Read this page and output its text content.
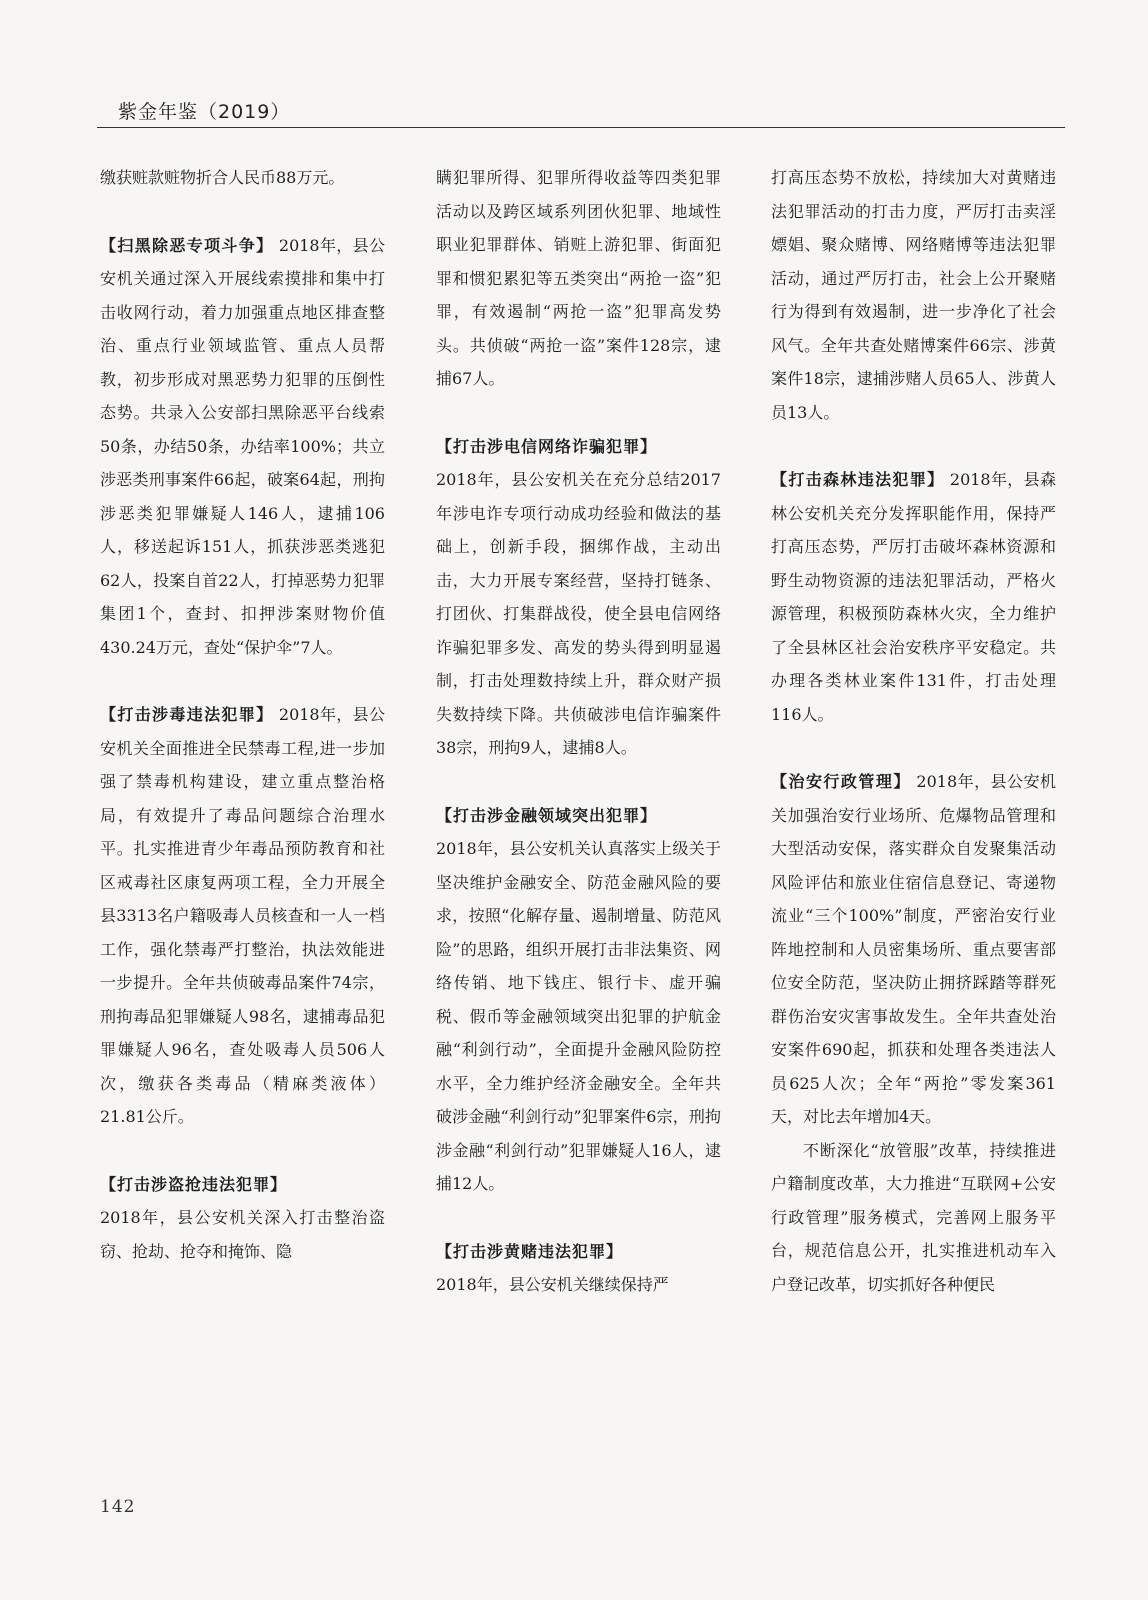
紫金年鉴（2019）

缴获赃款赃物折合人民币88万元。

【扫黑除恶专项斗争】 2018年，县公安机关通过深入开展线索摸排和集中打击收网行动，着力加强重点地区排查整治、重点行业领域监管、重点人员帮教，初步形成对黑恶势力犯罪的压倒性态势。共录入公安部扫黑除恶平台线索50条，办结50条，办结率100%；共立涉恶类刑事案件66起，破案64起，刑拘涉恶类犯罪嫌疑人146人，逮捕106人，移送起诉151人，抓获涉恶类逃犯62人，投案自首22人，打掉恶势力犯罪集团1个，查封、扣押涉案财物价值430.24万元，查处“保护伞”7人。

【打击涉毒违法犯罪】 2018年，县公安机关全面推进全民禁毒工程,进一步加强了禁毒机构建设，建立重点整治格局，有效提升了毒品问题综合治理水平。扎实推进青少年毒品预防教育和社区戒毒社区康复两项工程，全力开展全县3313名户籍吸毒人员核查和一人一档工作，强化禁毒严打整治，执法效能进一步提升。全年共侦破毒品案件74宗，刑拘毒品犯罪嫌疑人98名，逮捕毒品犯罪嫌疑人96名，查处吸毒人员506人次，缴获各类毒品（精麻类液体）21.81公斤。

【打击涉盗抢违法犯罪】
2018年，县公安机关深入打击整治盗窃、抢劫、抢夺和掩饰、隐

瞒犯罪所得、犯罪所得收益等四类犯罪活动以及跨区域系列团伙犯罪、地域性职业犯罪群体、销赃上游犯罪、街面犯罪和惯犯累犯等五类突出“两抢一盗”犯罪，有效遏制“两抢一盗”犯罪高发势头。共侦破“两抢一盗”案件128宗，逮捕67人。

【打击涉电信网络诈骗犯罪】
2018年，县公安机关在充分总结2017年涉电诈专项行动成功经验和做法的基础上，创新手段，捆绑作战，主动出击，大力开展专案经营，坚持打链条、打团伙、打集群战役，使全县电信网络诈骗犯罪多发、高发的势头得到明显遏制，打击处理数持续上升，群众财产损失数持续下降。共侦破涉电信诈骗案件38宗，刑拘9人，逮捕8人。

【打击涉金融领域突出犯罪】
2018年，县公安机关认真落实上级关于坚决维护金融安全、防范金融风险的要求，按照“化解存量、遏制增量、防范风险”的思路，组织开展打击非法集资、网络传销、地下钱庄、银行卡、虚开骗税、假币等金融领域突出犯罪的护航金融“利剑行动”，全面提升金融风险防控水平，全力维护经济金融安全。全年共破涉金融“利剑行动”犯罪案件6宗，刑拘涉金融“利剑行动”犯罪嫌疑人16人，逮捕12人。

【打击涉黄赌违法犯罪】
2018年，县公安机关继续保持严

打高压态势不放松，持续加大对黄赌违法犯罪活动的打击力度，严厉打击卖淫嫖娼、聚众赌博、网络赌博等违法犯罪活动，通过严厉打击，社会上公开聚赌行为得到有效遏制，进一步净化了社会风气。全年共查处赌博案件66宗、涉黄案件18宗，逮捕涉赌人员65人、涉黄人员13人。

【打击森林违法犯罪】 2018年，县森林公安机关充分发挥职能作用，保持严打高压态势，严厉打击破坏森林资源和野生动物资源的违法犯罪活动，严格火源管理，积极预防森林火灾，全力维护了全县林区社会治安秩序平安稳定。共办理各类林业案件131件，打击处理116人。

【治安行政管理】 2018年，县公安机关加强治安行业场所、危爆物品管理和大型活动安保，落实群众自发聚集活动风险评估和旅业住宿信息登记、寄递物流业“三个100%”制度，严密治安行业阵地控制和人员密集场所、重点要害部位安全防范，坚决防止拥挤踩踏等群死群伤治安灾害事故发生。全年共查处治安案件690起，抓获和处理各类违法人员625人次；全年“两抢”零发案361天，对比去年增加4天。

不断深化“放管服”改革，持续推进户籍制度改革，大力推进“互联网+公安行政管理”服务模式，完善网上服务平台，规范信息公开，扎实推进机动车入户登记改革，切实抓好各种便民

142
